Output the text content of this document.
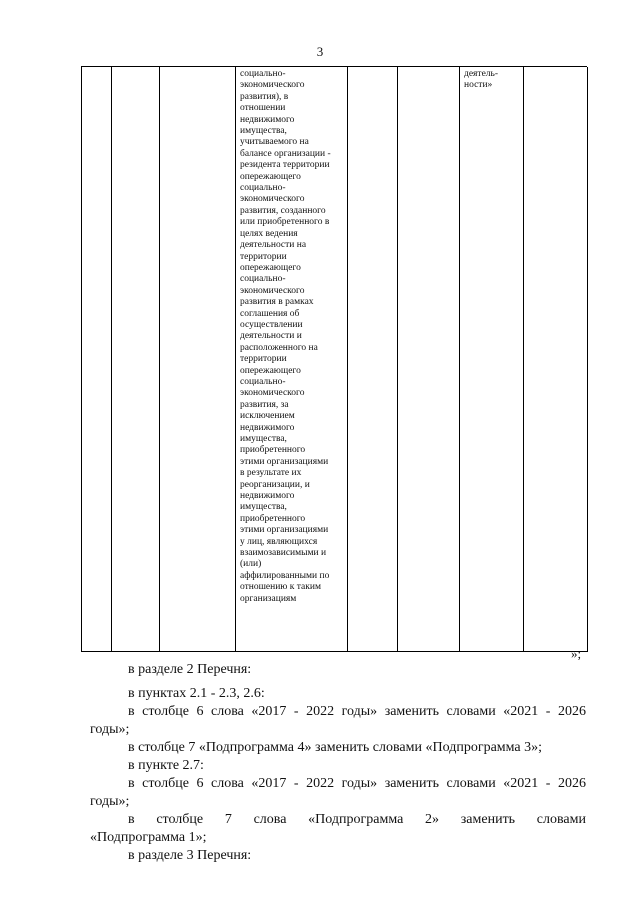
3
социально-
экономического
развития), в
отношении
недвижимого
имущества,
учитываемого на
балансе организации -
резидента территории
опережающего
социально-
экономического
развития, созданного
или приобретенного в
целях ведения
деятельности на
территории
опережающего
социально-
экономического
развития в рамках
соглашения об
осуществлении
деятельности и
расположенного на
территории
опережающего
социально-
экономического
развития, за
исключением
недвижимого
имущества,
приобретенного
этими организациями
в результате их
реорганизации, и
недвижимого
имущества,
приобретенного
этими организациями
у лиц, являющихся
взаимозависимыми и
(или)
аффилированными по
отношению к таким
организациям
деятель-
ности»
»;

в разделе 2 Перечня:

в пунктах 2.1 - 2.3, 2.6:

в столбце 6 слова «2017 - 2022 годы» заменить словами «2021 - 2026
годы»;

в столбце 7 «Подпрограмма 4» заменить словами «Подпрограмма 3»;

в пункте 2.7:

в столбце 6 слова «2017 - 2022 годы» заменить словами «2021 - 2026
годы»;
в столбце 7 слова «Подпрограмма 2» заменить словами
«Подпрограмма 1»;

в разделе 3 Перечня:
